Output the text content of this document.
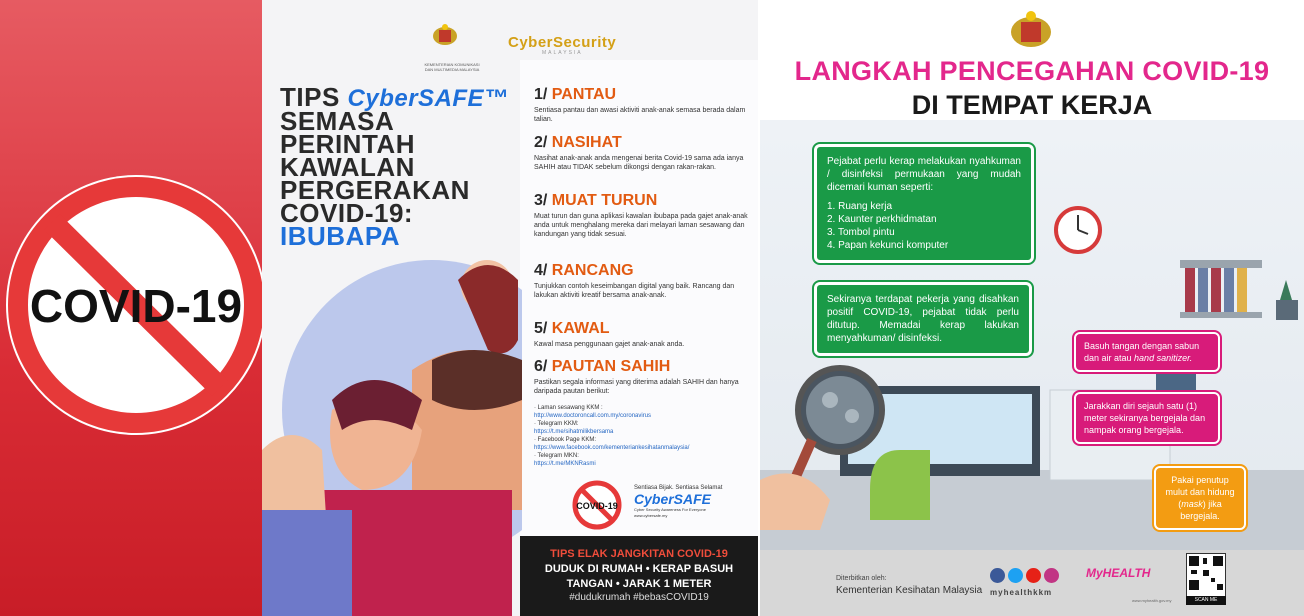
COVID-19
KEMENTERIAN KOMUNIKASI DAN MULTIMEDIA MALAYSIA
CyberSecurity
MALAYSIA
TIPS CyberSAFE™
SEMASA
PERINTAH
KAWALAN
PERGERAKAN
COVID-19:
IBUBAPA
1/ PANTAU

Sentiasa pantau dan awasi aktiviti anak-anak semasa berada dalam talian.

2/ NASIHAT

Nasihat anak-anak anda mengenai berita Covid-19 sama ada ianya SAHIH atau TIDAK sebelum dikongsi dengan rakan-rakan.

3/ MUAT TURUN

Muat turun dan guna aplikasi kawalan ibubapa pada gajet anak-anak anda untuk menghalang mereka dari melayari laman sesawang dan kandungan yang tidak sesuai.

4/ RANCANG

Tunjukkan contoh keseimbangan digital yang baik. Rancang dan lakukan aktiviti kreatif bersama anak-anak.

5/ KAWAL

Kawal masa penggunaan gajet anak-anak anda.

6/ PAUTAN SAHIH

Pastikan segala informasi yang diterima adalah SAHIH dan hanya daripada pautan berikut:

· Laman sesawang KKM :
http://www.doctoroncall.com.my/coronavirus
· Telegram KKM:
https://t.me/sihatmilikbersama
· Facebook Page KKM:
https://www.facebook.com/kementeriankesihatanmalaysia/
· Telegram MKN:
https://t.me/MKNRasmi
COVID-19
Sentiasa Bijak. Sentiasa Selamat
CyberSAFE
Cyber Security Awareness For Everyone
www.cybersafe.my
TIPS ELAK JANGKITAN COVID-19
DUDUK DI RUMAH • KERAP BASUH
TANGAN • JARAK 1 METER
#dudukrumah #bebasCOVID19
LANGKAH PENCEGAHAN COVID-19
DI TEMPAT KERJA
Pejabat perlu kerap melakukan nyahkuman / disinfeksi permukaan yang mudah dicemari kuman seperti:
1. Ruang kerja
2. Kaunter perkhidmatan
3. Tombol pintu
4. Papan kekunci komputer
Sekiranya terdapat pekerja yang disahkan positif COVID-19, pejabat tidak perlu ditutup. Memadai kerap lakukan menyahkuman/ disinfeksi.
Basuh tangan dengan sabun dan air atau hand sanitizer.
Jarakkan diri sejauh satu (1) meter sekiranya bergejala dan nampak orang bergejala.
Pakai penutup mulut dan hidung (mask) jika bergejala.
Diterbitkan oleh:
Kementerian Kesihatan Malaysia myhealthkkm
MyHEALTH
www.myhealth.gov.my	SCAN ME
